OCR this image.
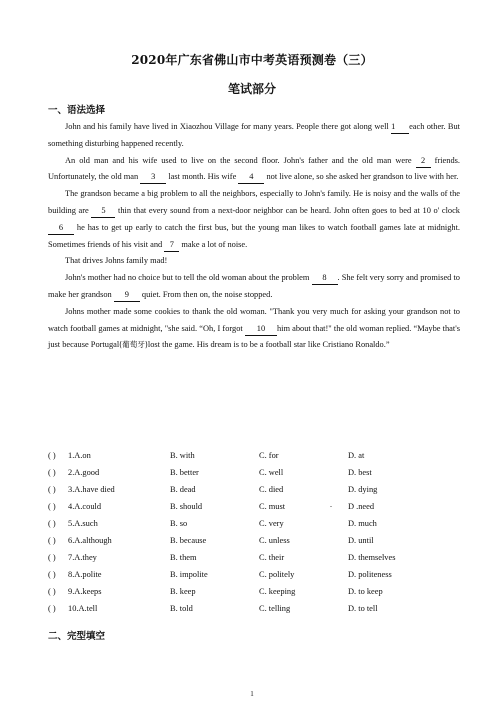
2020年广东省佛山市中考英语预测卷（三）
笔试部分
一、语法选择

John and his family have lived in Xiaozhou Village for many years. People there got along well 1 each other. But something disturbing happened recently.

An old man and his wife used to live on the second floor. John's father and the old man were 2 friends. Unfortunately, the old man 3 last month. His wife 4 not live alone, so she asked her grandson to live with her.

The grandson became a big problem to all the neighbors, especially to John's family. He is noisy and the walls of the building are 5 thin that every sound from a next-door neighbor can be heard. John often goes to bed at 10 o' clock 6 he has to get up early to catch the first bus, but the young man likes to watch football games late at midnight. Sometimes friends of his visit and 7 make a lot of noise.

That drives Johns family mad!

John's mother had no choice but to tell the old woman about the problem 8 . She felt very sorry and promised to make her grandson 9 quiet. From then on, the noise stopped.

Johns mother made some cookies to thank the old woman. "Thank you very much for asking your grandson not to watch football games at midnight, "she said. “Oh, I forgot 10 him about that!" the old woman replied. “Maybe that's just because Portugal(葡萄牙)lost the game. His dream is to be a football star like Cristiano Ronaldo.”

( ) 1.A.on	B. with	C. for	D. at
( ) 2.A.good	B. better	C. well	D. best
( ) 3.A.have died	B. dead	C. died	D. dying
( ) 4.A.could	B. should	C. must	D .need
( ) 5.A.such	B. so	C. very	D. much
( ) 6.A.although	B. because	C. unless	D. until
( ) 7.A.they	B. them	C. their	D. themselves
( ) 8.A.polite	B. impolite	C. politely	D. politeness
( ) 9.A.keeps	B. keep	C. keeping	D. to keep
( ) 10.A.tell	B. told	C. telling	D. to tell
.
二、完型填空
1
